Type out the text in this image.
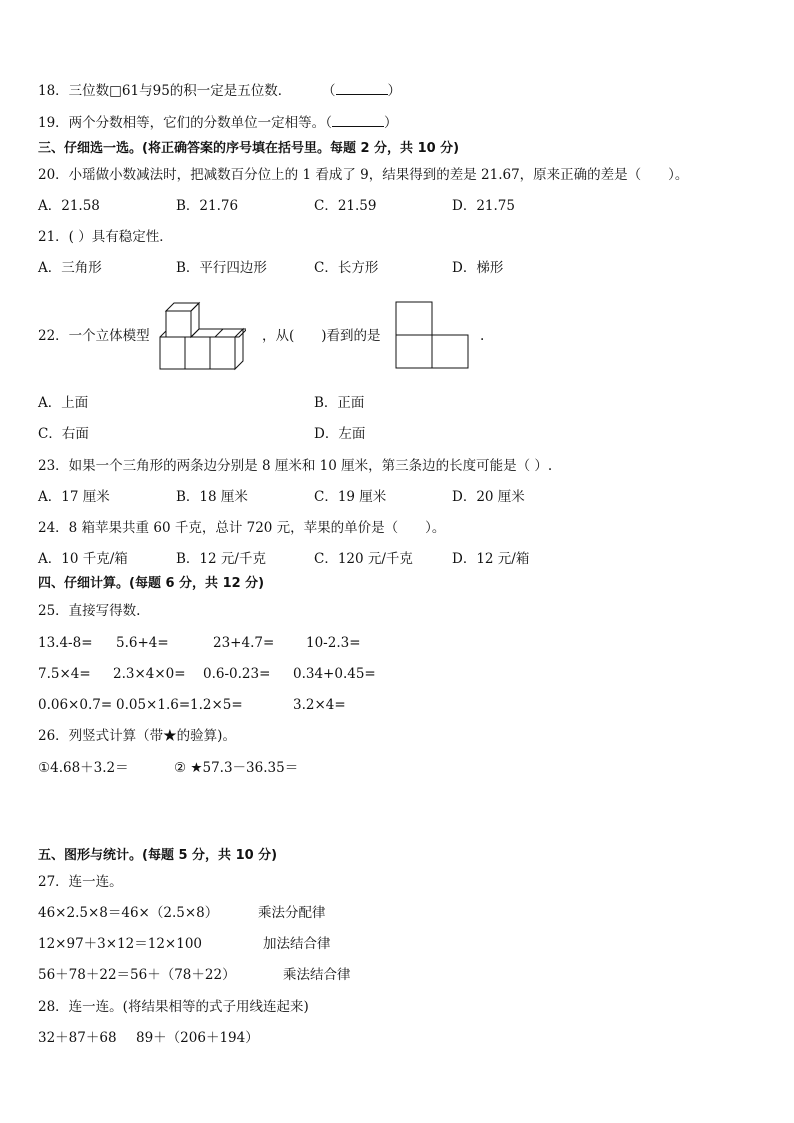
18．三位数□61与95的积一定是五位数． （	）
19．两个分数相等，它们的分数单位一定相等。（	）
三、仔细选一选。(将正确答案的序号填在括号里。每题 2 分，共 10 分)
20．小瑶做小数减法时，把减数百分位上的 1 看成了 9，结果得到的差是 21.67，原来正确的差是（　　）。
A．21.58	B．21.76	C．21.59	D．21.75
21．( ）具有稳定性．
A．三角形	B．平行四边形	C．长方形	D．梯形
22．一个立体模型	，从(　　)看到的是	.
A．上面	B．正面
C．右面	D．左面
23．如果一个三角形的两条边分别是 8 厘米和 10 厘米，第三条边的长度可能是（ ）.
A．17 厘米	B．18 厘米	C．19 厘米	D．20 厘米
24．8 箱苹果共重 60 千克，总计 720 元，苹果的单价是（　　）。
A．10 千克/箱	B．12 元/千克	C．120 元/千克	D．12 元/箱
四、仔细计算。(每题 6 分，共 12 分)
25．直接写得数.
13.4-8= 5.6+4=	23+4.7= 10-2.3=
7.5×4= 2.3×4×0= 0.6-0.23= 0.34+0.45=
0.06×0.7= 0.05×1.6= 1.2×5=	3.2×4=
26．列竖式计算（带★的验算)。
①4.68＋3.2＝	② ★57.3－36.35＝
五、图形与统计。(每题 5 分，共 10 分)
27．连一连。
46×2.5×8＝46×（2.5×8）	乘法分配律
12×97＋3×12＝12×100	加法结合律
56＋78＋22＝56＋（78＋22）	乘法结合律
28．连一连。(将结果相等的式子用线连起来)
32＋87＋68 89＋（206＋194）
